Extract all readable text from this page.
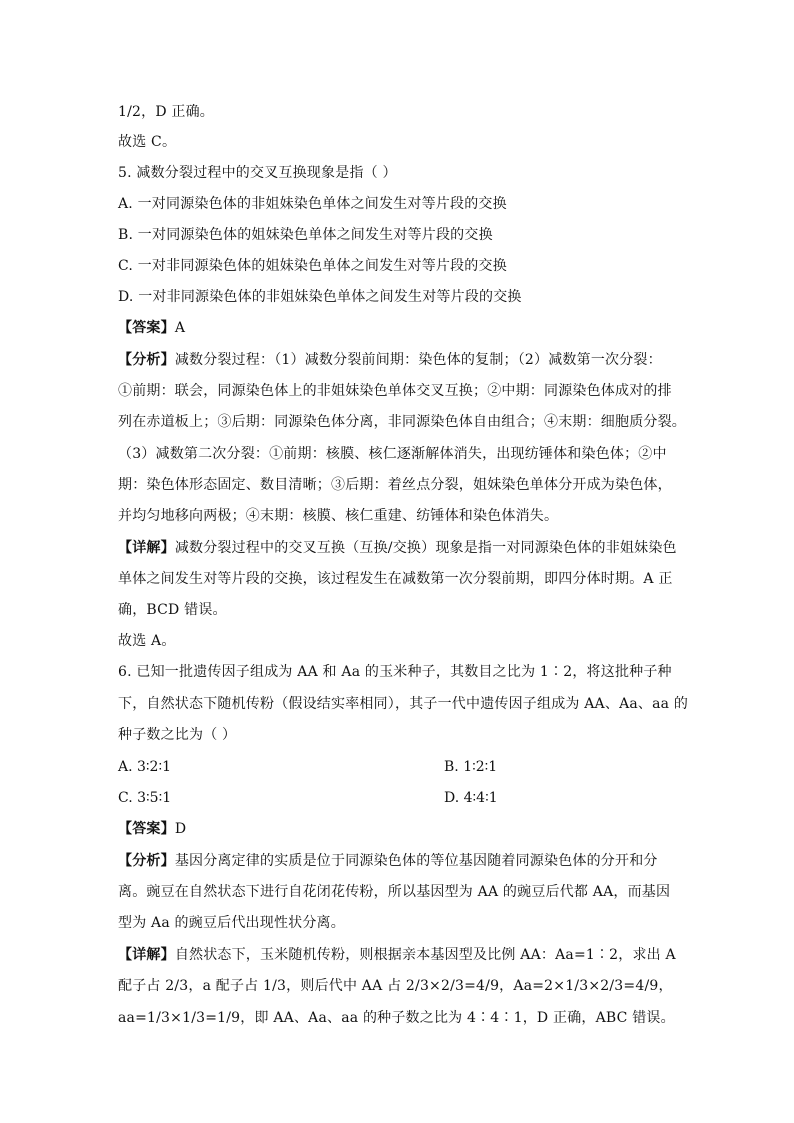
1/2，D 正确。
故选 C。
5. 减数分裂过程中的交叉互换现象是指（ ）
A. 一对同源染色体的非姐妹染色单体之间发生对等片段的交换
B. 一对同源染色体的姐妹染色单体之间发生对等片段的交换
C. 一对非同源染色体的姐妹染色单体之间发生对等片段的交换
D. 一对非同源染色体的非姐妹染色单体之间发生对等片段的交换
【答案】A
【分析】减数分裂过程：（1）减数分裂前间期：染色体的复制；（2）减数第一次分裂：
①前期：联会，同源染色体上的非姐妹染色单体交叉互换；②中期：同源染色体成对的排
列在赤道板上；③后期：同源染色体分离，非同源染色体自由组合；④末期：细胞质分裂。
（3）减数第二次分裂：①前期：核膜、核仁逐渐解体消失，出现纺锤体和染色体；②中
期：染色体形态固定、数目清晰；③后期：着丝点分裂，姐妹染色单体分开成为染色体，
并均匀地移向两极；④末期：核膜、核仁重建、纺锤体和染色体消失。
【详解】减数分裂过程中的交叉互换（互换/交换）现象是指一对同源染色体的非姐妹染色
单体之间发生对等片段的交换，该过程发生在减数第一次分裂前期，即四分体时期。A 正
确，BCD 错误。
故选 A。
6. 已知一批遗传因子组成为 AA 和 Aa 的玉米种子，其数目之比为 1∶2，将这批种子种
下，自然状态下随机传粉（假设结实率相同），其子一代中遗传因子组成为 AA、Aa、aa 的
种子数之比为（ ）
A. 3∶2∶1	B. 1∶2∶1
C. 3∶5∶1	D. 4∶4∶1
【答案】D
【分析】基因分离定律的实质是位于同源染色体的等位基因随着同源染色体的分开和分
离。豌豆在自然状态下进行自花闭花传粉，所以基因型为 AA 的豌豆后代都 AA，而基因
型为 Aa 的豌豆后代出现性状分离。
【详解】自然状态下，玉米随机传粉，则根据亲本基因型及比例 AA：Aa=1∶2，求出 A
配子占 2/3，a 配子占 1/3，则后代中 AA 占 2/3×2/3=4/9，Aa=2×1/3×2/3=4/9，
aa=1/3×1/3=1/9，即 AA、Aa、aa 的种子数之比为 4∶4∶1，D 正确，ABC 错误。
